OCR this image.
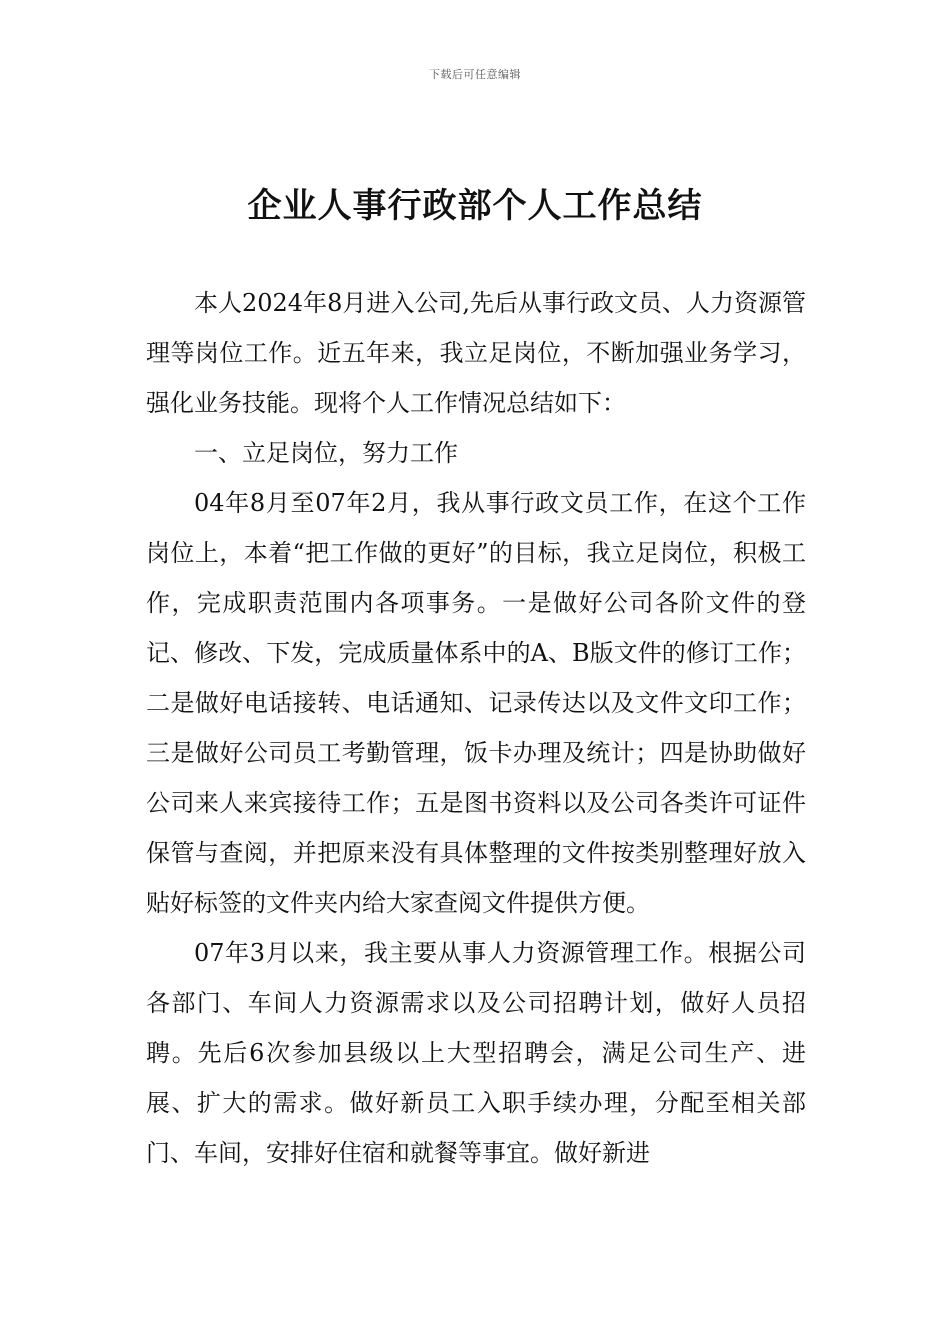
下载后可任意编辑
企业人事行政部个人工作总结

本人2024年8月进入公司,先后从事行政文员、人力资源管理等岗位工作。近五年来，我立足岗位，不断加强业务学习，强化业务技能。现将个人工作情况总结如下：

一、立足岗位，努力工作

04年8月至07年2月，我从事行政文员工作，在这个工作岗位上，本着“把工作做的更好”的目标，我立足岗位，积极工作，完成职责范围内各项事务。一是做好公司各阶文件的登记、修改、下发，完成质量体系中的A、B版文件的修订工作；二是做好电话接转、电话通知、记录传达以及文件文印工作；三是做好公司员工考勤管理，饭卡办理及统计；四是协助做好公司来人来宾接待工作；五是图书资料以及公司各类许可证件保管与查阅，并把原来没有具体整理的文件按类别整理好放入贴好标签的文件夹内给大家查阅文件提供方便。

07年3月以来，我主要从事人力资源管理工作。根据公司各部门、车间人力资源需求以及公司招聘计划，做好人员招聘。先后6次参加县级以上大型招聘会，满足公司生产、进展、扩大的需求。做好新员工入职手续办理，分配至相关部门、车间，安排好住宿和就餐等事宜。做好新进
